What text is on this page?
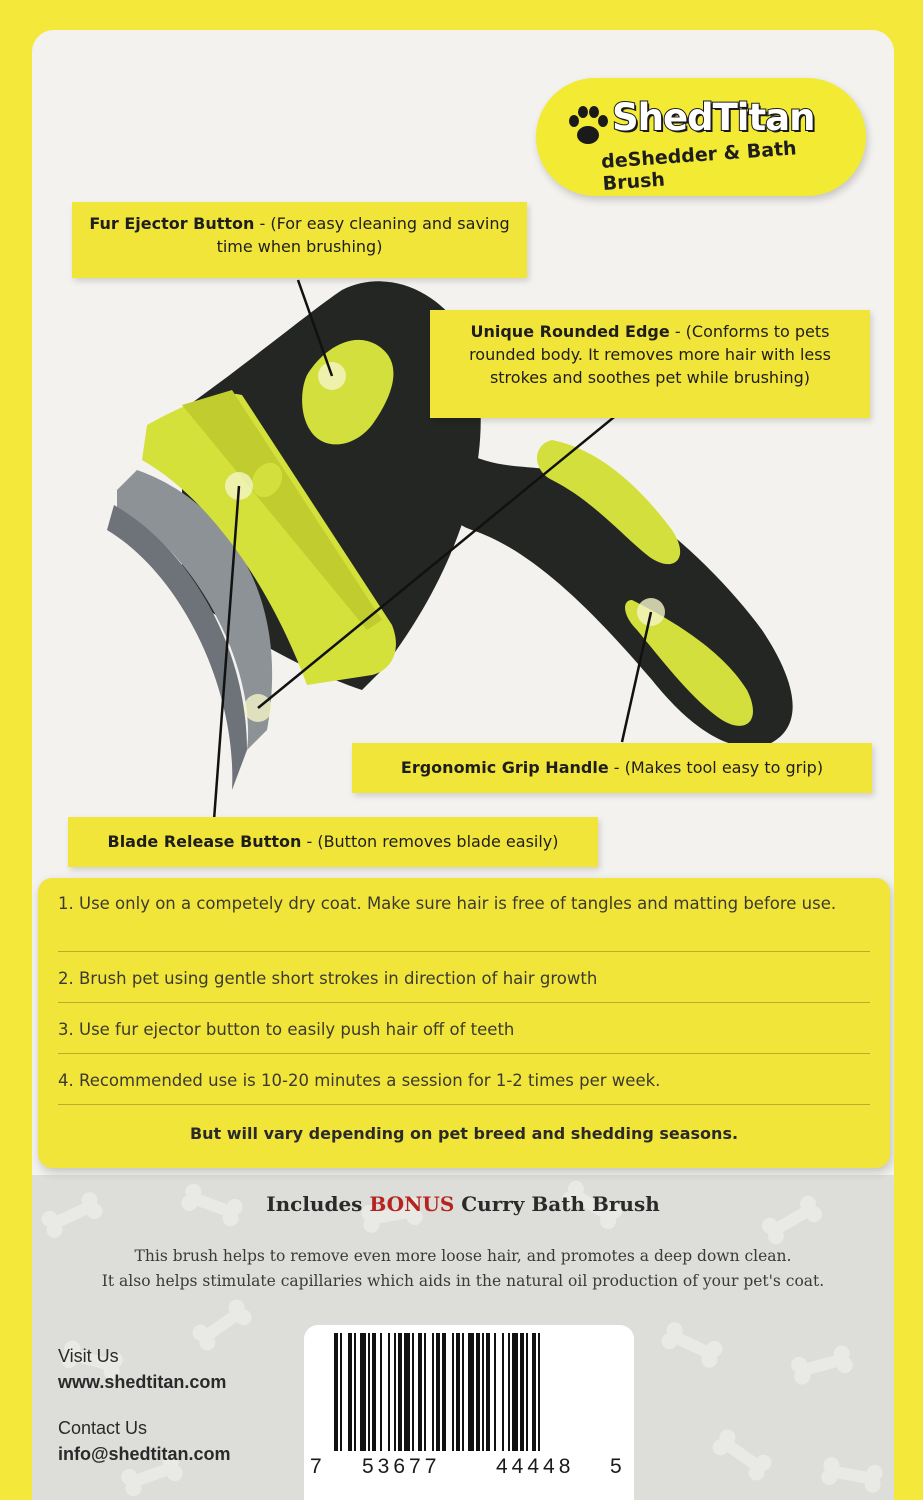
ShedTitan
deShedder & Bath Brush
Fur Ejector Button - (For easy cleaning and saving time when brushing)
Unique Rounded Edge - (Conforms to pets rounded body. It removes more hair with less strokes and soothes pet while brushing)
Ergonomic Grip Handle - (Makes tool easy to grip)
Blade Release Button - (Button removes blade easily)
1. Use only on a competely dry coat. Make sure hair is free of tangles and matting before use.
2. Brush pet using gentle short strokes in direction of hair growth
3. Use fur ejector button to easily push hair off of teeth
4. Recommended use is 10-20 minutes a session for 1-2 times per week.
But will vary depending on pet breed and shedding seasons.
Includes BONUS Curry Bath Brush
This brush helps to remove even more loose hair, and promotes a deep down clean.
It also helps stimulate capillaries which aids in the natural oil production of your pet's coat.
Visit Us
www.shedtitan.com
Contact Us
info@shedtitan.com
7 53677	44448 5
